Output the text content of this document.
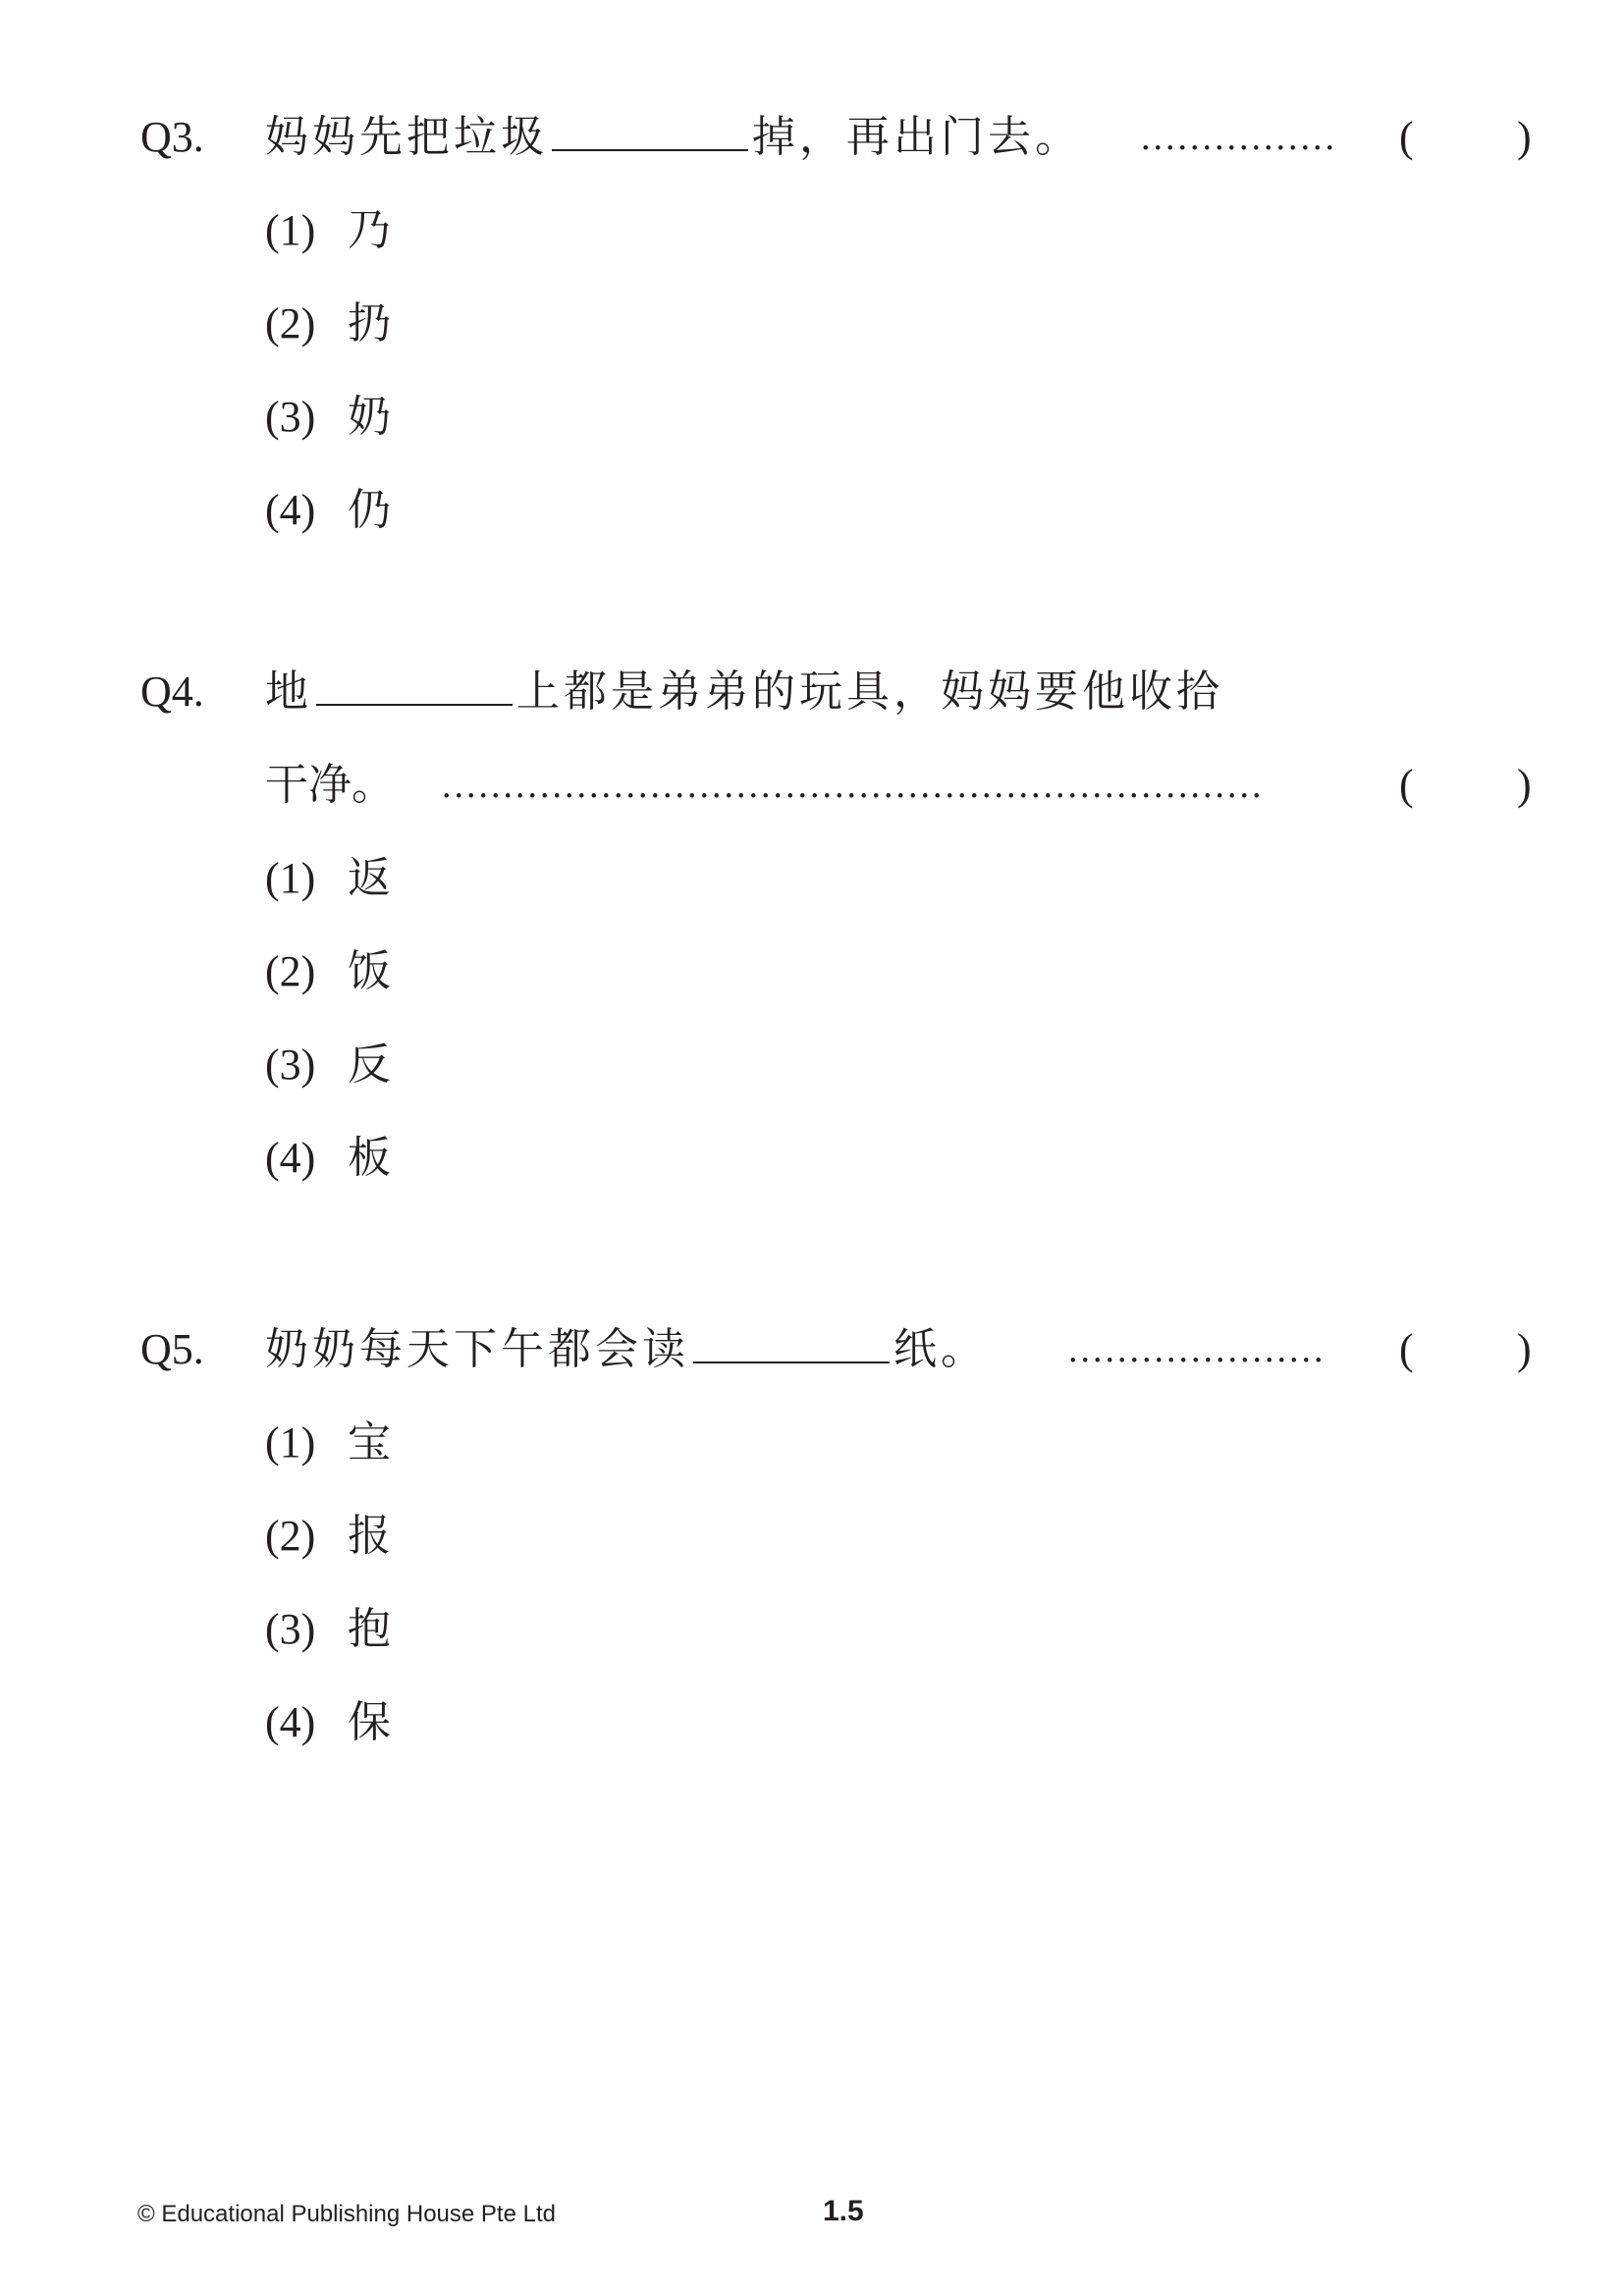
Q3. 妈妈先把垃圾	掉，再出门去。 ................	( )
(1) 乃
(2) 扔
(3) 奶
(4) 仍
Q4. 地	上都是弟弟的玩具，妈妈要他收拾
干净。 ...................................................................	( )
(1) 返
(2) 饭
(3) 反
(4) 板
Q5. 奶奶每天下午都会读	纸。 .....................	( )
(1) 宝
(2) 报
(3) 抱
(4) 保
© Educational Publishing House Pte Ltd	1.5
